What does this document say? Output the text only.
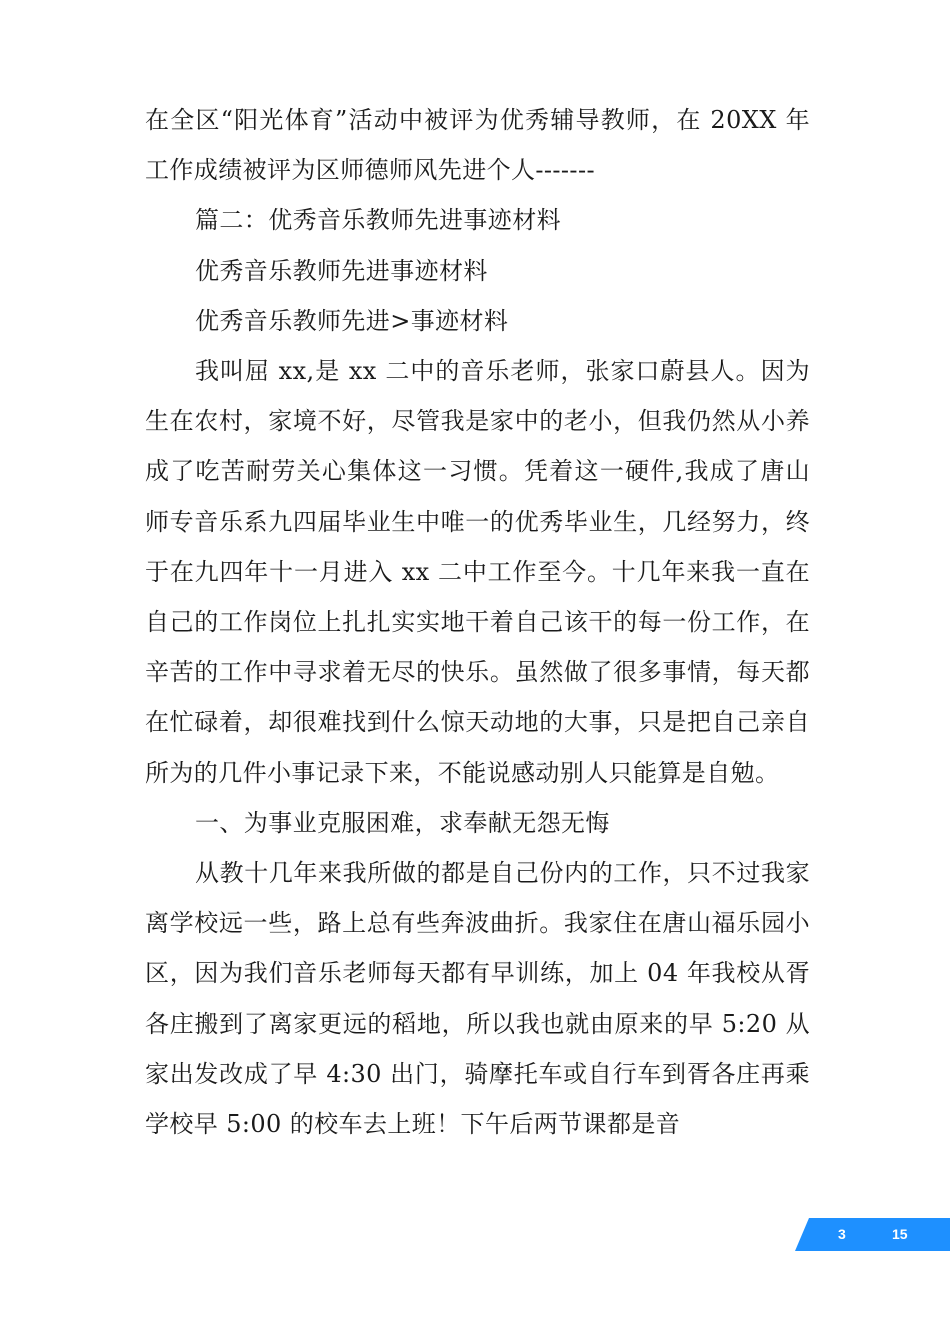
在全区“阳光体育”活动中被评为优秀辅导教师，在 20XX 年工作成绩被评为区师德师风先进个人-------

篇二：优秀音乐教师先进事迹材料

优秀音乐教师先进事迹材料

优秀音乐教师先进>事迹材料

我叫屈 xx,是 xx 二中的音乐老师，张家口蔚县人。因为生在农村，家境不好，尽管我是家中的老小，但我仍然从小养成了吃苦耐劳关心集体这一习惯。凭着这一硬件,我成了唐山师专音乐系九四届毕业生中唯一的优秀毕业生，几经努力，终于在九四年十一月进入 xx 二中工作至今。十几年来我一直在自己的工作岗位上扎扎实实地干着自己该干的每一份工作，在辛苦的工作中寻求着无尽的快乐。虽然做了很多事情，每天都在忙碌着，却很难找到什么惊天动地的大事，只是把自己亲自所为的几件小事记录下来，不能说感动别人只能算是自勉。

一、为事业克服困难，求奉献无怨无悔

从教十几年来我所做的都是自己份内的工作，只不过我家离学校远一些，路上总有些奔波曲折。我家住在唐山福乐园小区，因为我们音乐老师每天都有早训练，加上 04 年我校从胥各庄搬到了离家更远的稻地，所以我也就由原来的早 5:20 从家出发改成了早 4:30 出门，骑摩托车或自行车到胥各庄再乘学校早 5:00 的校车去上班！下午后两节课都是音

3	15
